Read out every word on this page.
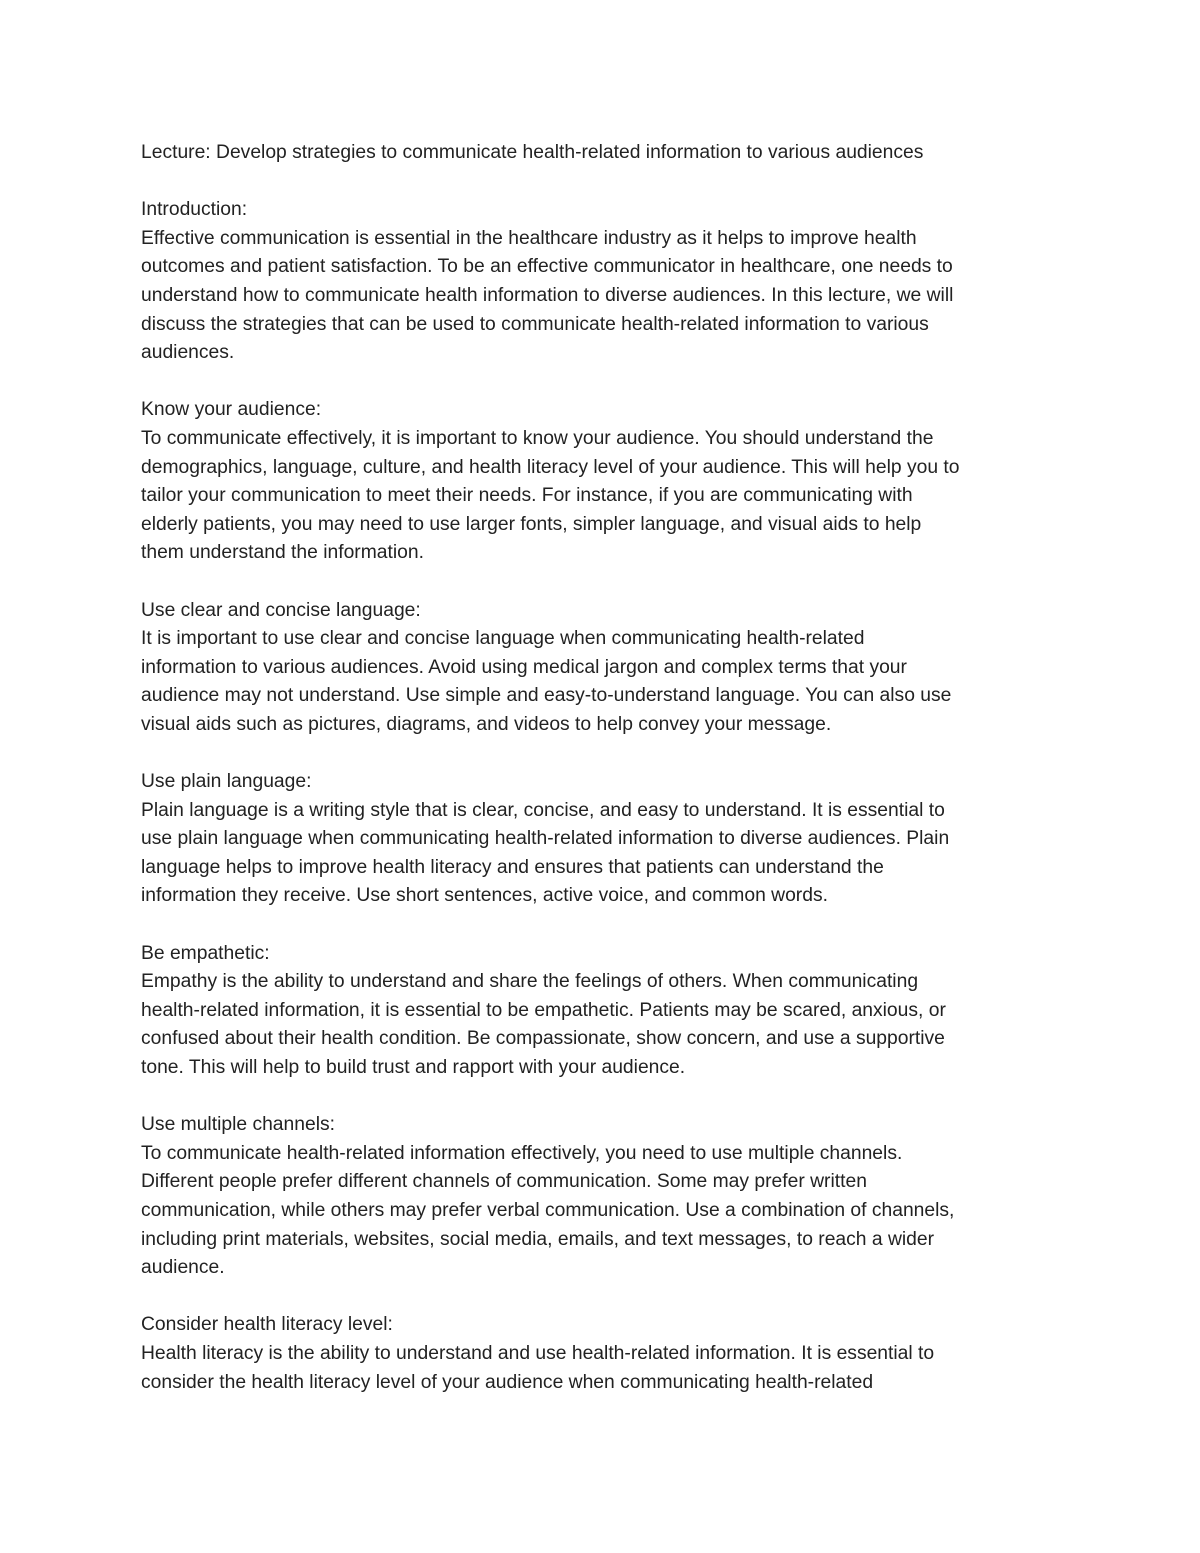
Lecture: Develop strategies to communicate health-related information to various audiences
Introduction:
Effective communication is essential in the healthcare industry as it helps to improve health
outcomes and patient satisfaction. To be an effective communicator in healthcare, one needs to
understand how to communicate health information to diverse audiences. In this lecture, we will
discuss the strategies that can be used to communicate health-related information to various
audiences.
Know your audience:
To communicate effectively, it is important to know your audience. You should understand the
demographics, language, culture, and health literacy level of your audience. This will help you to
tailor your communication to meet their needs. For instance, if you are communicating with
elderly patients, you may need to use larger fonts, simpler language, and visual aids to help
them understand the information.
Use clear and concise language:
It is important to use clear and concise language when communicating health-related
information to various audiences. Avoid using medical jargon and complex terms that your
audience may not understand. Use simple and easy-to-understand language. You can also use
visual aids such as pictures, diagrams, and videos to help convey your message.
Use plain language:
Plain language is a writing style that is clear, concise, and easy to understand. It is essential to
use plain language when communicating health-related information to diverse audiences. Plain
language helps to improve health literacy and ensures that patients can understand the
information they receive. Use short sentences, active voice, and common words.
Be empathetic:
Empathy is the ability to understand and share the feelings of others. When communicating
health-related information, it is essential to be empathetic. Patients may be scared, anxious, or
confused about their health condition. Be compassionate, show concern, and use a supportive
tone. This will help to build trust and rapport with your audience.
Use multiple channels:
To communicate health-related information effectively, you need to use multiple channels.
Different people prefer different channels of communication. Some may prefer written
communication, while others may prefer verbal communication. Use a combination of channels,
including print materials, websites, social media, emails, and text messages, to reach a wider
audience.
Consider health literacy level:
Health literacy is the ability to understand and use health-related information. It is essential to
consider the health literacy level of your audience when communicating health-related
